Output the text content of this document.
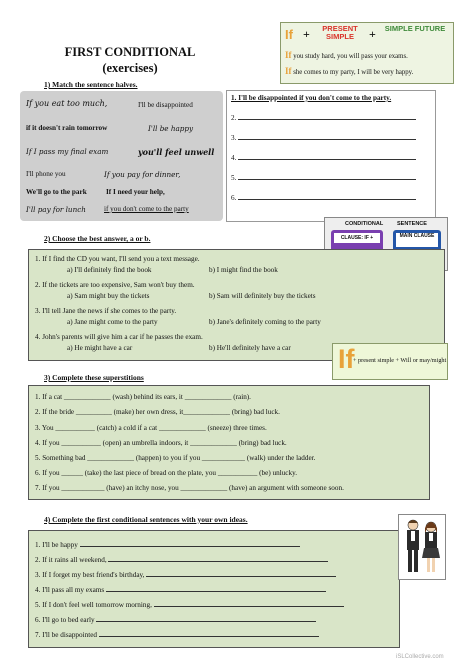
FIRST CONDITIONAL
(exercises)
If +	PRESENT SIMPLE	+	SIMPLE FUTURE
If you study hard, you will pass your exams.
If she comes to my party, I will be very happy.
1) Match the sentence halves.
If you eat too much,	I'll be disappointed
if it doesn't rain tomorrow	I'll be happy
If I pass my final exam	you'll feel unwell
I'll phone you	If you pay for dinner,
We'll go to the park	If I need your help,
I'll pay for lunch	if you don't come to the party
1. I'll be disappointed if you don't come to the party.
2.
3.
4.
5.
6.
CONDITIONAL	SENTENCE
CLAUSE: IF +	MAIN CLAUSE
2) Choose the best answer, a or b.
1. If I find the CD you want, I'll send you a text message.
a) I'll definitely find the book	b) I might find the book
2. If the tickets are too expensive, Sam won't buy them.
a) Sam might buy the tickets	b) Sam will definitely buy the tickets
3. I'll tell Jane the news if she comes to the party.
a) Jane might come to the party	b) Jane's definitely coming to the party
4. John's parents will give him a car if he passes the exam.
a) He might have a car	b) He'll definitely have a car If
+ present simple + Will or may/might
3) Complete these superstitions
1. If a cat _____________ (wash) behind its ears, it _____________ (rain).
2. If the bride __________ (make) her own dress, it_____________ (bring) bad luck.
3. You ___________ (catch) a cold if a cat _____________ (sneeze) three times.
4. If you ___________ (open) an umbrella indoors, it _____________ (bring) bad luck.
5. Something bad _____________ (happen) to you if you ____________ (walk) under the ladder.
6. If you ______ (take) the last piece of bread on the plate, you ___________ (be) unlucky.
7. If you ____________ (have) an itchy nose, you _____________ (have) an argument with someone soon.
4) Complete the first conditional sentences with your own ideas.
1. I'll be happy
2. If it rains all weekend,
3. If I forget my best friend's birthday,
4. I'll pass all my exams
5. If I don't feel well tomorrow morning,
6. I'll go to bed early
7. I'll be disappointed
iSLCollective.com
